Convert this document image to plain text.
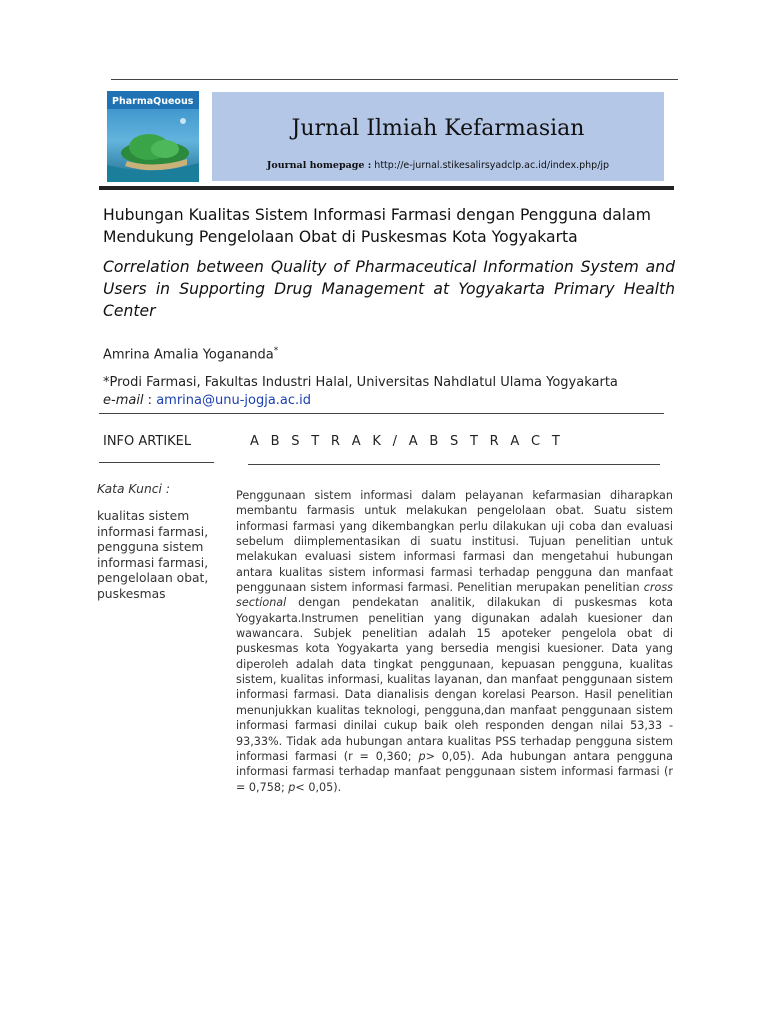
PharmaQueous
Jurnal Ilmiah Kefarmasian
Journal homepage : http://e-jurnal.stikesalirsyadclp.ac.id/index.php/jp
Hubungan Kualitas Sistem Informasi Farmasi dengan Pengguna dalam Mendukung Pengelolaan Obat di Puskesmas Kota Yogyakarta
Correlation between Quality of Pharmaceutical Information System and Users in Supporting Drug Management at Yogyakarta Primary Health Center
Amrina Amalia Yogananda*
*Prodi Farmasi, Fakultas Industri Halal, Universitas Nahdlatul Ulama Yogyakarta
e-mail : amrina@unu-jogja.ac.id
INFO ARTIKEL	A B S T R A K / A B S T R A C T
Kata Kunci :
kualitas sistem informasi farmasi, pengguna sistem informasi farmasi, pengelolaan obat, puskesmas
Penggunaan sistem informasi dalam pelayanan kefarmasian diharapkan membantu farmasis untuk melakukan pengelolaan obat. Suatu sistem informasi farmasi yang dikembangkan perlu dilakukan uji coba dan evaluasi sebelum diimplementasikan di suatu institusi. Tujuan penelitian untuk melakukan evaluasi sistem informasi farmasi dan mengetahui hubungan antara kualitas sistem informasi farmasi terhadap pengguna dan manfaat penggunaan sistem informasi farmasi. Penelitian merupakan penelitian cross sectional dengan pendekatan analitik, dilakukan di puskesmas kota Yogyakarta.Instrumen penelitian yang digunakan adalah kuesioner dan wawancara. Subjek penelitian adalah 15 apoteker pengelola obat di puskesmas kota Yogyakarta yang bersedia mengisi kuesioner. Data yang diperoleh adalah data tingkat penggunaan, kepuasan pengguna, kualitas sistem, kualitas informasi, kualitas layanan, dan manfaat penggunaan sistem informasi farmasi. Data dianalisis dengan korelasi Pearson. Hasil penelitian menunjukkan kualitas teknologi, pengguna,dan manfaat penggunaan sistem informasi farmasi dinilai cukup baik oleh responden dengan nilai 53,33 - 93,33%. Tidak ada hubungan antara kualitas PSS terhadap pengguna sistem informasi farmasi (r = 0,360; p> 0,05). Ada hubungan antara pengguna informasi farmasi terhadap manfaat penggunaan sistem informasi farmasi (r = 0,758; p< 0,05).
